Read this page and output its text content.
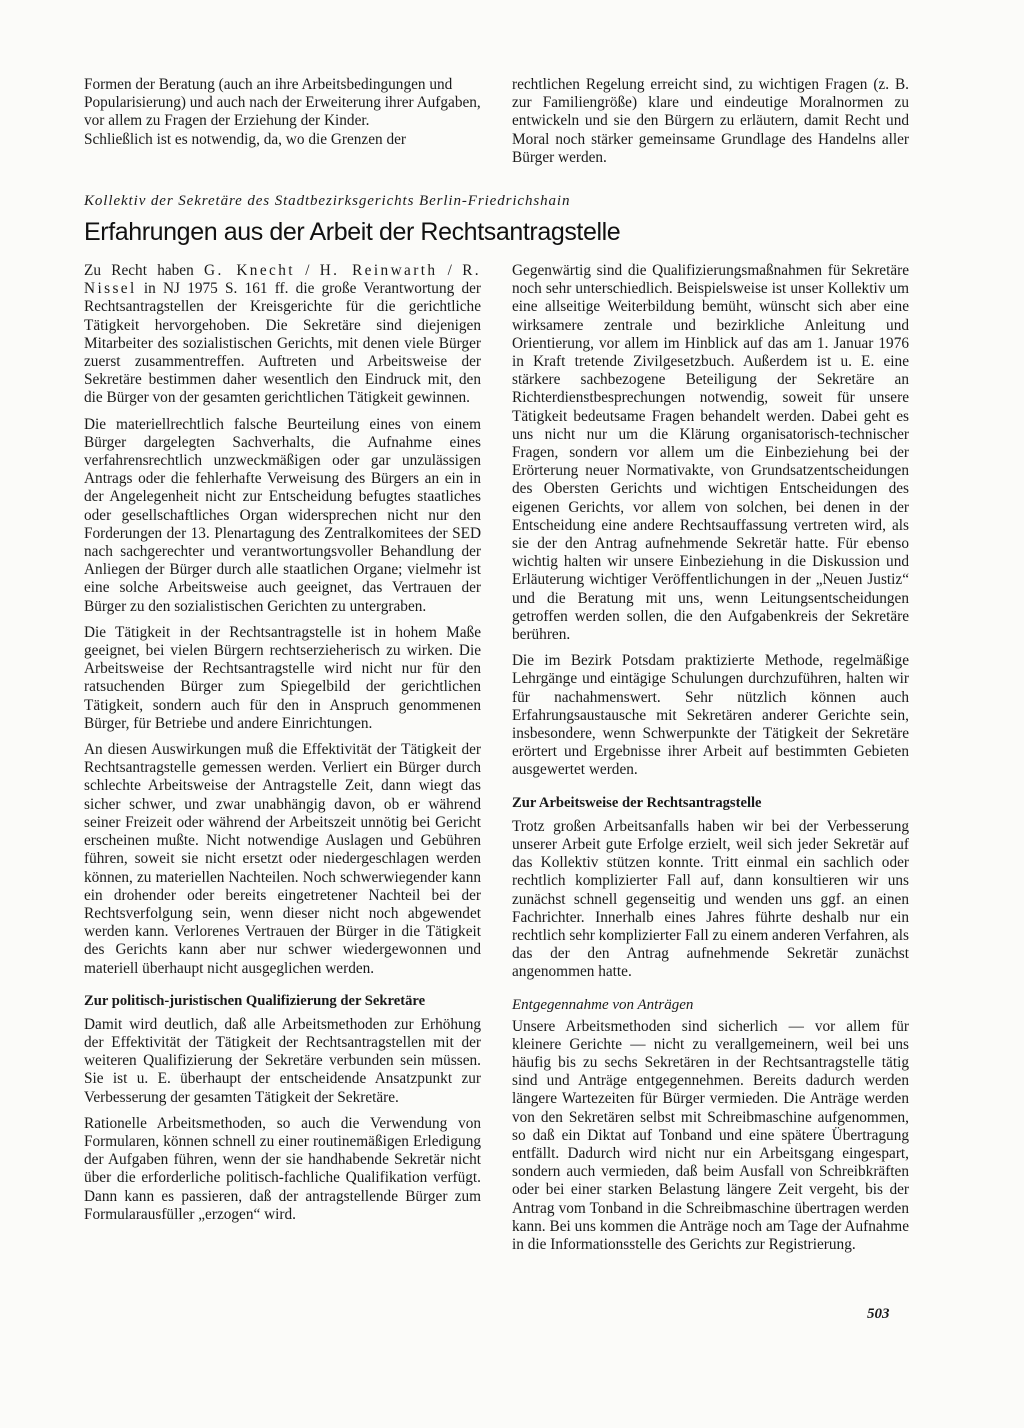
Formen der Beratung (auch an ihre Arbeitsbedingungen und Popularisierung) und auch nach der Erweiterung ihrer Aufgaben, vor allem zu Fragen der Erziehung der Kinder.

Schließlich ist es notwendig, da, wo die Grenzen der

rechtlichen Regelung erreicht sind, zu wichtigen Fragen (z. B. zur Familiengröße) klare und eindeutige Moralnormen zu entwickeln und sie den Bürgern zu erläutern, damit Recht und Moral noch stärker gemeinsame Grundlage des Handelns aller Bürger werden.

Kollektiv der Sekretäre des Stadtbezirksgerichts Berlin-Friedrichshain
Erfahrungen aus der Arbeit der Rechtsantragstelle

Zu Recht haben G. Knecht / H. Reinwarth / R. Nissel in NJ 1975 S. 161 ff. die große Verantwortung der Rechtsantragstellen der Kreisgerichte für die gerichtliche Tätigkeit hervorgehoben. Die Sekretäre sind diejenigen Mitarbeiter des sozialistischen Gerichts, mit denen viele Bürger zuerst zusammentreffen. Auftreten und Arbeitsweise der Sekretäre bestimmen daher wesentlich den Eindruck mit, den die Bürger von der gesamten gerichtlichen Tätigkeit gewinnen.

Die materiellrechtlich falsche Beurteilung eines von einem Bürger dargelegten Sachverhalts, die Aufnahme eines verfahrensrechtlich unzweckmäßigen oder gar unzulässigen Antrags oder die fehlerhafte Verweisung des Bürgers an ein in der Angelegenheit nicht zur Entscheidung befugtes staatliches oder gesellschaftliches Organ widersprechen nicht nur den Forderungen der 13. Plenartagung des Zentralkomitees der SED nach sachgerechter und verantwortungsvoller Behandlung der Anliegen der Bürger durch alle staatlichen Organe; vielmehr ist eine solche Arbeitsweise auch geeignet, das Vertrauen der Bürger zu den sozialistischen Gerichten zu untergraben.

Die Tätigkeit in der Rechtsantragstelle ist in hohem Maße geeignet, bei vielen Bürgern rechtserzieherisch zu wirken. Die Arbeitsweise der Rechtsantragstelle wird nicht nur für den ratsuchenden Bürger zum Spiegelbild der gerichtlichen Tätigkeit, sondern auch für den in Anspruch genommenen Bürger, für Betriebe und andere Einrichtungen.

An diesen Auswirkungen muß die Effektivität der Tätigkeit der Rechtsantragstelle gemessen werden. Verliert ein Bürger durch schlechte Arbeitsweise der Antragstelle Zeit, dann wiegt das sicher schwer, und zwar unabhängig davon, ob er während seiner Freizeit oder während der Arbeitszeit unnötig bei Gericht erscheinen mußte. Nicht notwendige Auslagen und Gebühren führen, soweit sie nicht ersetzt oder niedergeschlagen werden können, zu materiellen Nachteilen. Noch schwerwiegender kann ein drohender oder bereits eingetretener Nachteil bei der Rechtsverfolgung sein, wenn dieser nicht noch abgewendet werden kann. Verlorenes Vertrauen der Bürger in die Tätigkeit des Gerichts kann aber nur schwer wiedergewonnen und materiell überhaupt nicht ausgeglichen werden.

Zur politisch-juristischen Qualifizierung der Sekretäre

Damit wird deutlich, daß alle Arbeitsmethoden zur Erhöhung der Effektivität der Tätigkeit der Rechtsantragstellen mit der weiteren Qualifizierung der Sekretäre verbunden sein müssen. Sie ist u. E. überhaupt der entscheidende Ansatzpunkt zur Verbesserung der gesamten Tätigkeit der Sekretäre.

Rationelle Arbeitsmethoden, so auch die Verwendung von Formularen, können schnell zu einer routinemäßigen Erledigung der Aufgaben führen, wenn der sie handhabende Sekretär nicht über die erforderliche politisch-fachliche Qualifikation verfügt. Dann kann es passieren, daß der antragstellende Bürger zum Formularausfüller „erzogen“ wird.

Gegenwärtig sind die Qualifizierungsmaßnahmen für Sekretäre noch sehr unterschiedlich. Beispielsweise ist unser Kollektiv um eine allseitige Weiterbildung bemüht, wünscht sich aber eine wirksamere zentrale und bezirkliche Anleitung und Orientierung, vor allem im Hinblick auf das am 1. Januar 1976 in Kraft tretende Zivilgesetzbuch. Außerdem ist u. E. eine stärkere sachbezogene Beteiligung der Sekretäre an Richterdienstbesprechungen notwendig, soweit für unsere Tätigkeit bedeutsame Fragen behandelt werden. Dabei geht es uns nicht nur um die Klärung organisatorisch-technischer Fragen, sondern vor allem um die Einbeziehung bei der Erörterung neuer Normativakte, von Grundsatzentscheidungen des Obersten Gerichts und wichtigen Entscheidungen des eigenen Gerichts, vor allem von solchen, bei denen in der Entscheidung eine andere Rechtsauffassung vertreten wird, als sie der den Antrag aufnehmende Sekretär hatte. Für ebenso wichtig halten wir unsere Einbeziehung in die Diskussion und Erläuterung wichtiger Veröffentlichungen in der „Neuen Justiz“ und die Beratung mit uns, wenn Leitungsentscheidungen getroffen werden sollen, die den Aufgabenkreis der Sekretäre berühren.

Die im Bezirk Potsdam praktizierte Methode, regelmäßige Lehrgänge und eintägige Schulungen durchzuführen, halten wir für nachahmenswert. Sehr nützlich können auch Erfahrungsaustausche mit Sekretären anderer Gerichte sein, insbesondere, wenn Schwerpunkte der Tätigkeit der Sekretäre erörtert und Ergebnisse ihrer Arbeit auf bestimmten Gebieten ausgewertet werden.

Zur Arbeitsweise der Rechtsantragstelle

Trotz großen Arbeitsanfalls haben wir bei der Verbesserung unserer Arbeit gute Erfolge erzielt, weil sich jeder Sekretär auf das Kollektiv stützen konnte. Tritt einmal ein sachlich oder rechtlich komplizierter Fall auf, dann konsultieren wir uns zunächst schnell gegenseitig und wenden uns ggf. an einen Fachrichter. Innerhalb eines Jahres führte deshalb nur ein rechtlich sehr komplizierter Fall zu einem anderen Verfahren, als das der den Antrag aufnehmende Sekretär zunächst angenommen hatte.

Entgegennahme von Anträgen

Unsere Arbeitsmethoden sind sicherlich — vor allem für kleinere Gerichte — nicht zu verallgemeinern, weil bei uns häufig bis zu sechs Sekretären in der Rechtsantragstelle tätig sind und Anträge entgegennehmen. Bereits dadurch werden längere Wartezeiten für Bürger vermieden. Die Anträge werden von den Sekretären selbst mit Schreibmaschine aufgenommen, so daß ein Diktat auf Tonband und eine spätere Übertragung entfällt. Dadurch wird nicht nur ein Arbeitsgang eingespart, sondern auch vermieden, daß beim Ausfall von Schreibkräften oder bei einer starken Belastung längere Zeit vergeht, bis der Antrag vom Tonband in die Schreibmaschine übertragen werden kann. Bei uns kommen die Anträge noch am Tage der Aufnahme in die Informationsstelle des Gerichts zur Registrierung.

503
